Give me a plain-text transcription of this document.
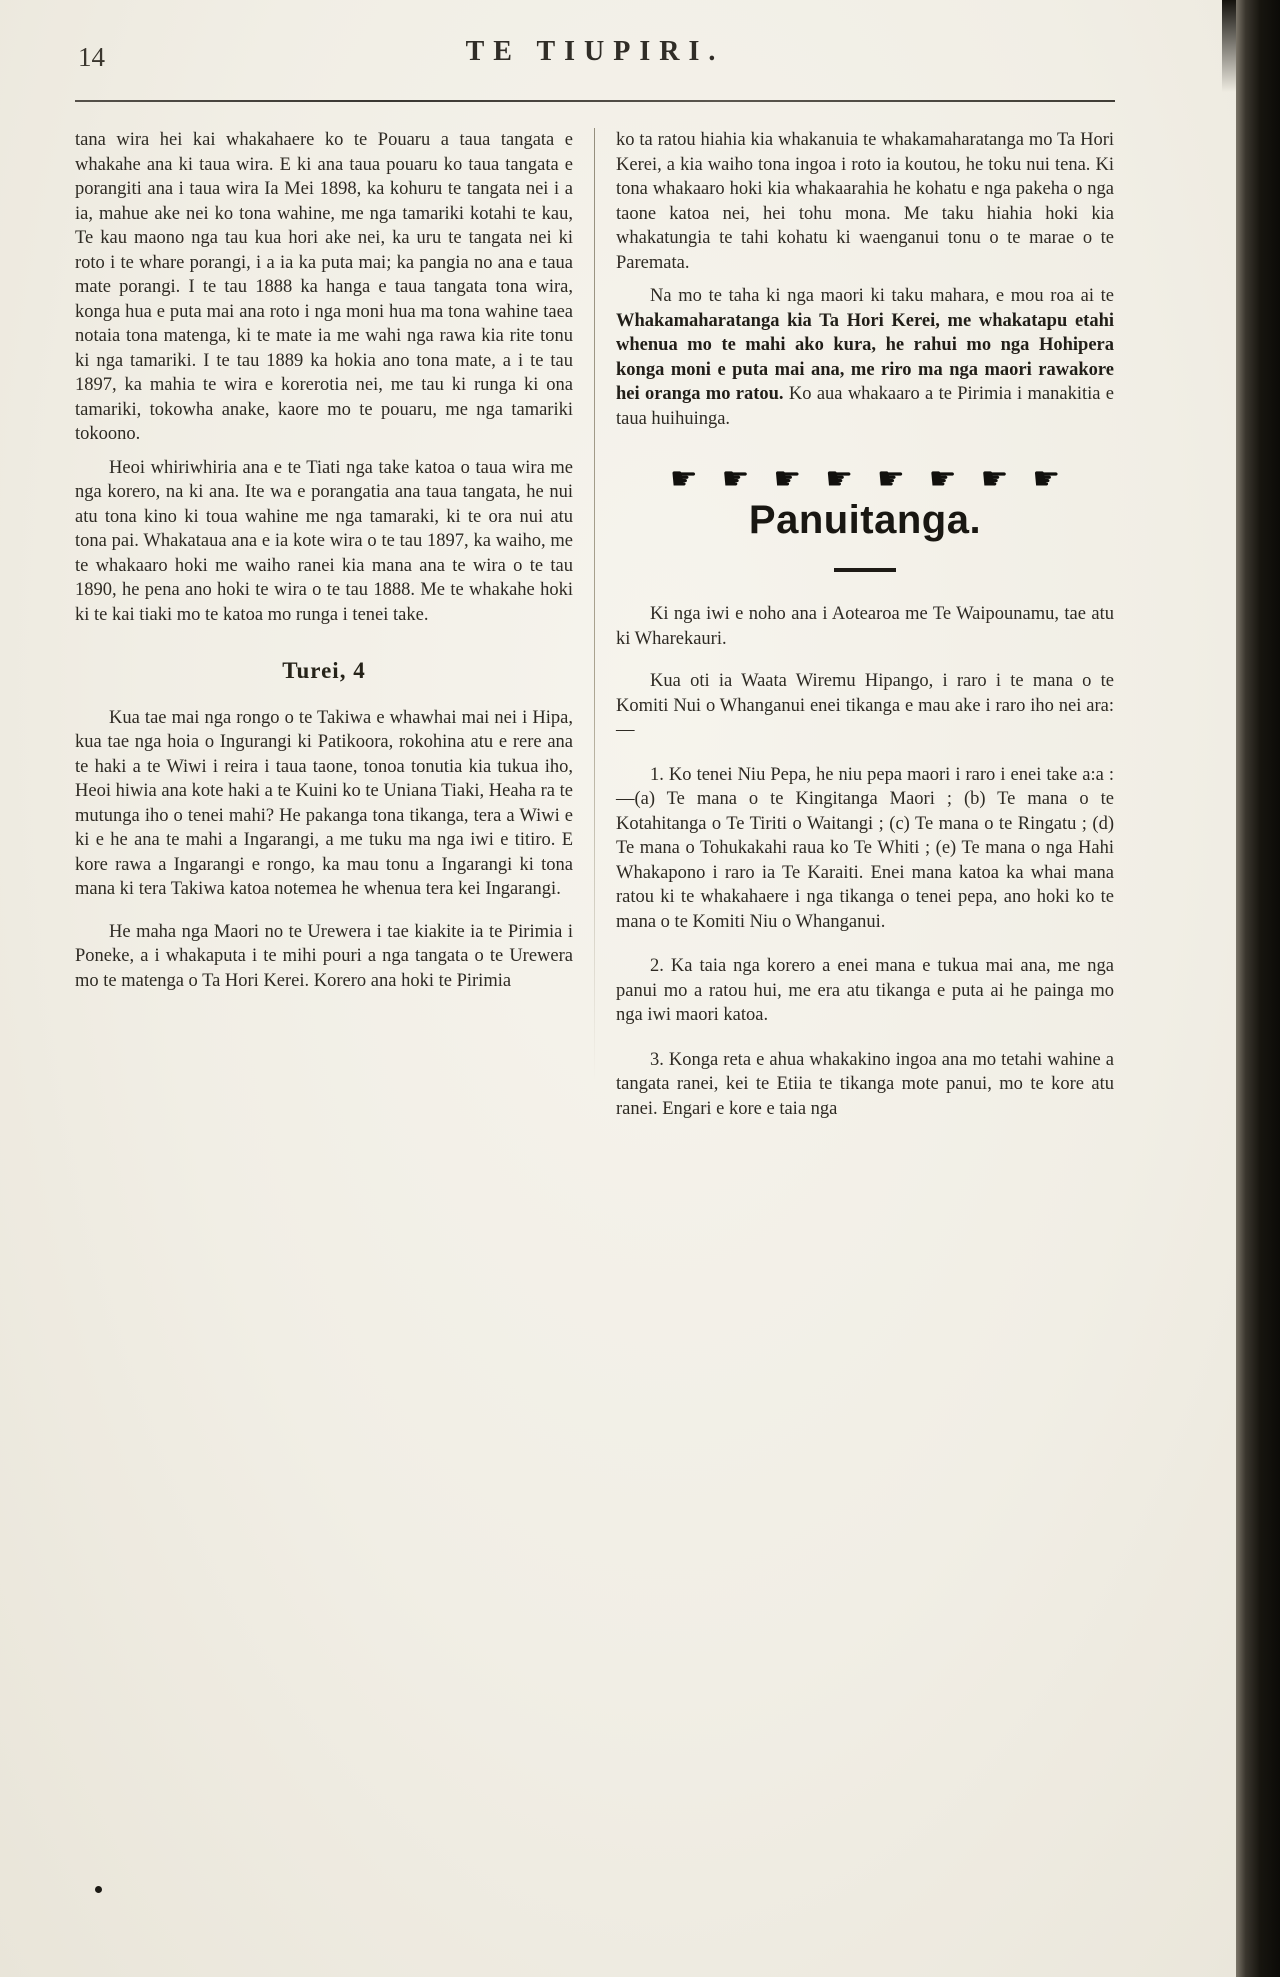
14	TE TIUPIRI.

tana wira hei kai whakahaere ko te Pouaru a taua tangata e whakahe ana ki taua wira. E ki ana taua pouaru ko taua tangata e porangiti ana i taua wira Ia Mei 1898, ka kohuru te tangata nei i a ia, mahue ake nei ko tona wahine, me nga tamariki kotahi te kau, Te kau maono nga tau kua hori ake nei, ka uru te tangata nei ki roto i te whare porangi, i a ia ka puta mai; ka pangia no ana e taua mate porangi. I te tau 1888 ka hanga e taua tangata tona wira, konga hua e puta mai ana roto i nga moni hua ma tona wahine taea notaia tona matenga, ki te mate ia me wahi nga rawa kia rite tonu ki nga tamariki. I te tau 1889 ka hokia ano tona mate, a i te tau 1897, ka mahia te wira e korerotia nei, me tau ki runga ki ona tamariki, tokowha anake, kaore mo te pouaru, me nga tamariki tokoono.

Heoi whiriwhiria ana e te Tiati nga take katoa o taua wira me nga korero, na ki ana. Ite wa e porangatia ana taua tangata, he nui atu tona kino ki toua wahine me nga tamaraki, ki te ora nui atu tona pai. Whakataua ana e ia kote wira o te tau 1897, ka waiho, me te whakaaro hoki me waiho ranei kia mana ana te wira o te tau 1890, he pena ano hoki te wira o te tau 1888. Me te whakahe hoki ki te kai tiaki mo te katoa mo runga i tenei take.

Turei, 4

Kua tae mai nga rongo o te Takiwa e whawhai mai nei i Hipa, kua tae nga hoia o Ingurangi ki Patikoora, rokohina atu e rere ana te haki a te Wiwi i reira i taua taone, tonoa tonutia kia tukua iho, Heoi hiwia ana kote haki a te Kuini ko te Uniana Tiaki, Heaha ra te mutunga iho o tenei mahi? He pakanga tona tikanga, tera a Wiwi e ki e he ana te mahi a Ingarangi, a me tuku ma nga iwi e titiro. E kore rawa a Ingarangi e rongo, ka mau tonu a Ingarangi ki tona mana ki tera Takiwa katoa notemea he whenua tera kei Ingarangi.

He maha nga Maori no te Urewera i tae kiakite ia te Pirimia i Poneke, a i whakaputa i te mihi pouri a nga tangata o te Urewera mo te matenga o Ta Hori Kerei. Korero ana hoki te Pirimia

ko ta ratou hiahia kia whakanuia te whakamaharatanga mo Ta Hori Kerei, a kia waiho tona ingoa i roto ia koutou, he toku nui tena. Ki tona whakaaro hoki kia whakaarahia he kohatu e nga pakeha o nga taone katoa nei, hei tohu mona. Me taku hiahia hoki kia whakatungia te tahi kohatu ki waenganui tonu o te marae o te Paremata.

Na mo te taha ki nga maori ki taku mahara, e mou roa ai te Whakamaharatanga kia Ta Hori Kerei, me whakatapu etahi whenua mo te mahi ako kura, he rahui mo nga Hohipera konga moni e puta mai ana, me riro ma nga maori rawakore hei oranga mo ratou. Ko aua whakaaro a te Pirimia i manakitia e taua huihuinga.

☛☛☛☛☛☛☛☛
Panuitanga.

Ki nga iwi e noho ana i Aotearoa me Te Waipounamu, tae atu ki Wharekauri.

Kua oti ia Waata Wiremu Hipango, i raro i te mana o te Komiti Nui o Whanganui enei tikanga e mau ake i raro iho nei ara:—

1. Ko tenei Niu Pepa, he niu pepa maori i raro i enei take a:a :—(a) Te mana o te Kingitanga Maori ; (b) Te mana o te Kotahitanga o Te Tiriti o Waitangi ; (c) Te mana o te Ringatu ; (d) Te mana o Tohukakahi raua ko Te Whiti ; (e) Te mana o nga Hahi Whakapono i raro ia Te Karaiti. Enei mana katoa ka whai mana ratou ki te whakahaere i nga tikanga o tenei pepa, ano hoki ko te mana o te Komiti Niu o Whanganui.

2. Ka taia nga korero a enei mana e tukua mai ana, me nga panui mo a ratou hui, me era atu tikanga e puta ai he painga mo nga iwi maori katoa.

3. Konga reta e ahua whakakino ingoa ana mo tetahi wahine a tangata ranei, kei te Etiia te tikanga mote panui, mo te kore atu ranei. Engari e kore e taia nga
